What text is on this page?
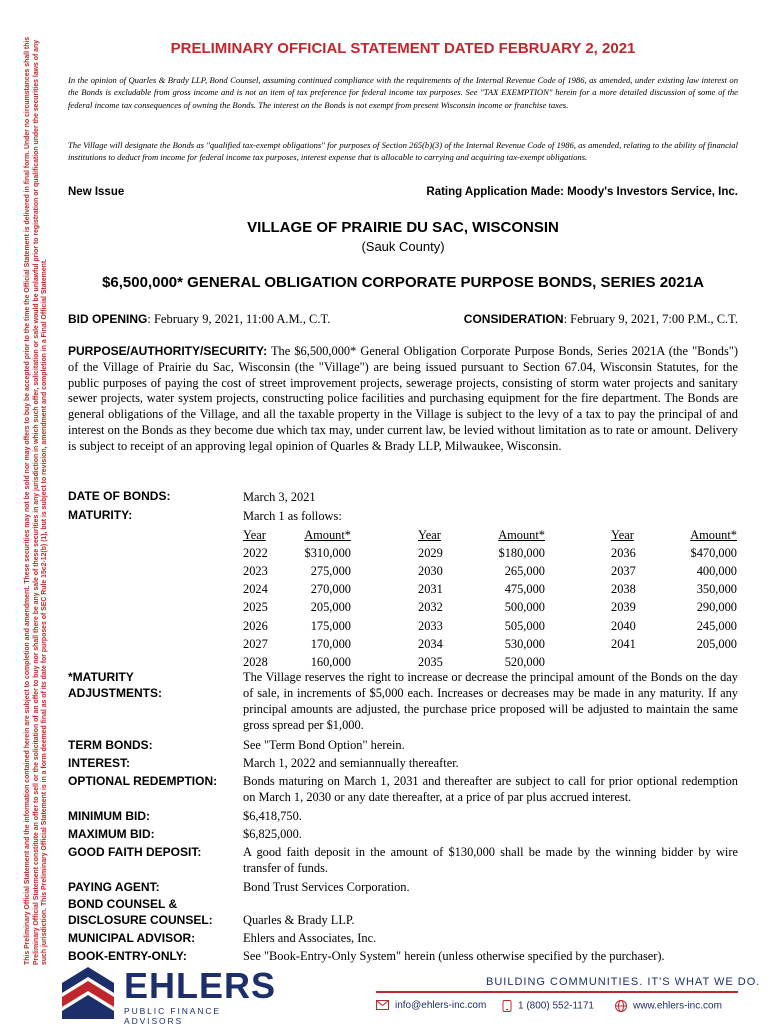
This Preliminary Official Statement and the information contained herein are subject to completion and amendment. These securities may not be sold nor may offers to buy be accepted prior to the time the Official Statement is delivered in final form. Under no circumstances shall this Preliminary Official Statement constitute an offer to sell or the solicitation of an offer to buy nor shall there be any sale of these securities in any jurisdiction in which such offer, solicitation or sale would be unlawful prior to registration or qualification under the securities laws of any such jurisdiction. This Preliminary Official Statement is in a form deemed final as of its date for purposes of SEC Rule 15c2-12(b) (1), but is subject to revision, amendment and completion in a Final Official Statement.
PRELIMINARY OFFICIAL STATEMENT DATED FEBRUARY 2, 2021
In the opinion of Quarles & Brady LLP, Bond Counsel, assuming continued compliance with the requirements of the Internal Revenue Code of 1986, as amended, under existing law interest on the Bonds is excludable from gross income and is not an item of tax preference for federal income tax purposes. See "TAX EXEMPTION" herein for a more detailed discussion of some of the federal income tax consequences of owning the Bonds. The interest on the Bonds is not exempt from present Wisconsin income or franchise taxes.
The Village will designate the Bonds as "qualified tax-exempt obligations" for purposes of Section 265(b)(3) of the Internal Revenue Code of 1986, as amended, relating to the ability of financial institutions to deduct from income for federal income tax purposes, interest expense that is allocable to carrying and acquiring tax-exempt obligations.
New Issue	Rating Application Made: Moody's Investors Service, Inc.
VILLAGE OF PRAIRIE DU SAC, WISCONSIN
(Sauk County)
$6,500,000* GENERAL OBLIGATION CORPORATE PURPOSE BONDS, SERIES 2021A
BID OPENING: February 9, 2021, 11:00 A.M., C.T.	CONSIDERATION: February 9, 2021, 7:00 P.M., C.T.
PURPOSE/AUTHORITY/SECURITY: The $6,500,000* General Obligation Corporate Purpose Bonds, Series 2021A (the "Bonds") of the Village of Prairie du Sac, Wisconsin (the "Village") are being issued pursuant to Section 67.04, Wisconsin Statutes, for the public purposes of paying the cost of street improvement projects, sewerage projects, consisting of storm water projects and sanitary sewer projects, water system projects, constructing police facilities and purchasing equipment for the fire department. The Bonds are general obligations of the Village, and all the taxable property in the Village is subject to the levy of a tax to pay the principal of and interest on the Bonds as they become due which tax may, under current law, be levied without limitation as to rate or amount. Delivery is subject to receipt of an approving legal opinion of Quarles & Brady LLP, Milwaukee, Wisconsin.
DATE OF BONDS:	March 3, 2021
MATURITY:	March 1 as follows:
Year	Amount*
2022	$310,000
2023	275,000
2024	270,000
2025	205,000
2026	175,000
2027	170,000
2028	160,000
Year	Amount*
2029	$180,000
2030	265,000
2031	475,000
2032	500,000
2033	505,000
2034	530,000
2035	520,000
Year	Amount*
2036	$470,000
2037	400,000
2038	350,000
2039	290,000
2040	245,000
2041	205,000
*MATURITY
ADJUSTMENTS:
The Village reserves the right to increase or decrease the principal amount of the Bonds on the day of sale, in increments of $5,000 each. Increases or decreases may be made in any maturity. If any principal amounts are adjusted, the purchase price proposed will be adjusted to maintain the same gross spread per $1,000.
TERM BONDS:	See "Term Bond Option" herein.
INTEREST:	March 1, 2022 and semiannually thereafter.
OPTIONAL REDEMPTION: Bonds maturing on March 1, 2031 and thereafter are subject to call for prior optional redemption on March 1, 2030 or any date thereafter, at a price of par plus accrued interest.
MINIMUM BID:	$6,418,750.
MAXIMUM BID:	$6,825,000.
GOOD FAITH DEPOSIT:	A good faith deposit in the amount of $130,000 shall be made by the winning bidder by wire transfer of funds.
PAYING AGENT:	Bond Trust Services Corporation.
BOND COUNSEL &
DISCLOSURE COUNSEL: Quarles & Brady LLP.
MUNICIPAL ADVISOR:	Ehlers and Associates, Inc.
BOOK-ENTRY-ONLY:	See "Book-Entry-Only System" herein (unless otherwise specified by the purchaser).
EHLERS
PUBLIC FINANCE ADVISORS
BUILDING COMMUNITIES. IT'S WHAT WE DO.
info@ehlers-inc.com	1 (800) 552-1171	www.ehlers-inc.com
